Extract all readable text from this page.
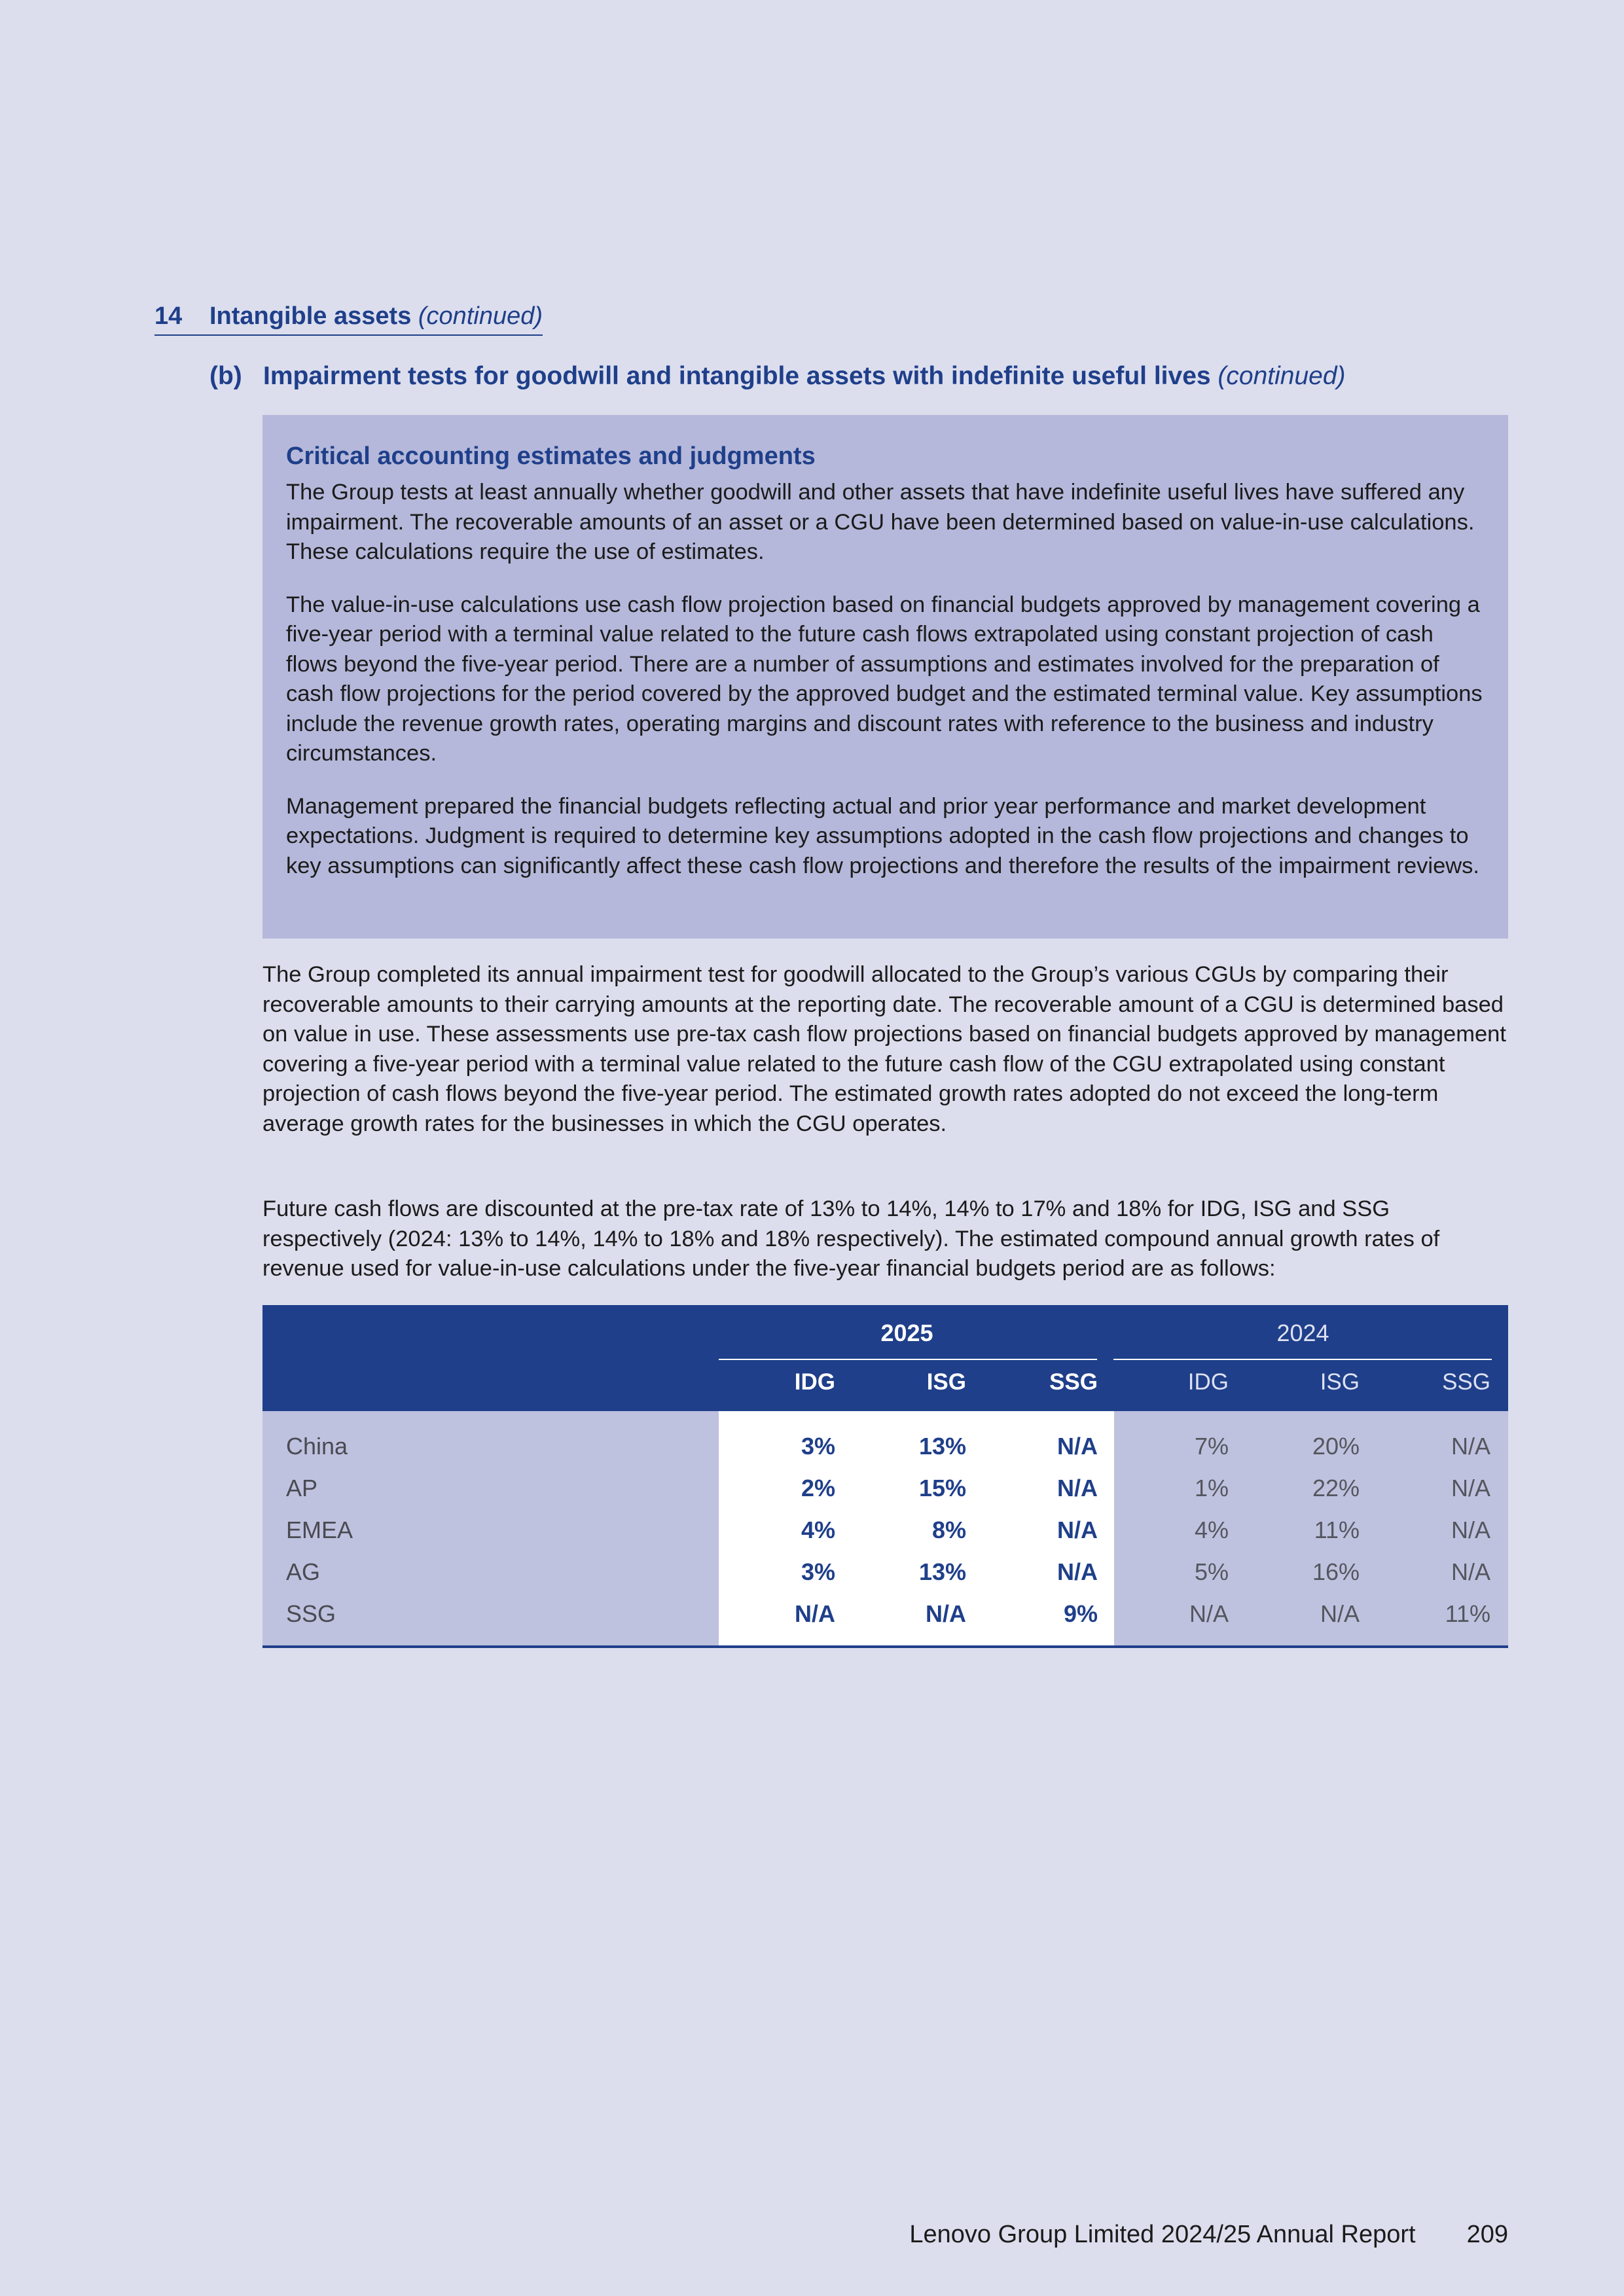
14 Intangible assets (continued)
(b) Impairment tests for goodwill and intangible assets with indefinite useful lives (continued)
Critical accounting estimates and judgments

The Group tests at least annually whether goodwill and other assets that have indefinite useful lives have suffered any impairment. The recoverable amounts of an asset or a CGU have been determined based on value-in-use calculations. These calculations require the use of estimates.

The value-in-use calculations use cash flow projection based on financial budgets approved by management covering a five-year period with a terminal value related to the future cash flows extrapolated using constant projection of cash flows beyond the five-year period. There are a number of assumptions and estimates involved for the preparation of cash flow projections for the period covered by the approved budget and the estimated terminal value. Key assumptions include the revenue growth rates, operating margins and discount rates with reference to the business and industry circumstances.

Management prepared the financial budgets reflecting actual and prior year performance and market development expectations. Judgment is required to determine key assumptions adopted in the cash flow projections and changes to key assumptions can significantly affect these cash flow projections and therefore the results of the impairment reviews.

The Group completed its annual impairment test for goodwill allocated to the Group’s various CGUs by comparing their recoverable amounts to their carrying amounts at the reporting date. The recoverable amount of a CGU is determined based on value in use. These assessments use pre-tax cash flow projections based on financial budgets approved by management covering a five-year period with a terminal value related to the future cash flow of the CGU extrapolated using constant projection of cash flows beyond the five-year period. The estimated growth rates adopted do not exceed the long-term average growth rates for the businesses in which the CGU operates.

Future cash flows are discounted at the pre-tax rate of 13% to 14%, 14% to 17% and 18% for IDG, ISG and SSG respectively (2024: 13% to 14%, 14% to 18% and 18% respectively). The estimated compound annual growth rates of revenue used for value-in-use calculations under the five-year financial budgets period are as follows:

2025	2024
IDG	ISG	SSG	IDG	ISG	SSG
China	3%	13%	N/A	7%	20%	N/A
AP	2%	15%	N/A	1%	22%	N/A
EMEA	4%	8%	N/A	4%	11%	N/A
AG	3%	13%	N/A	5%	16%	N/A
SSG	N/A	N/A	9%	N/A	N/A	11%
Lenovo Group Limited 2024/25 Annual Report 209
